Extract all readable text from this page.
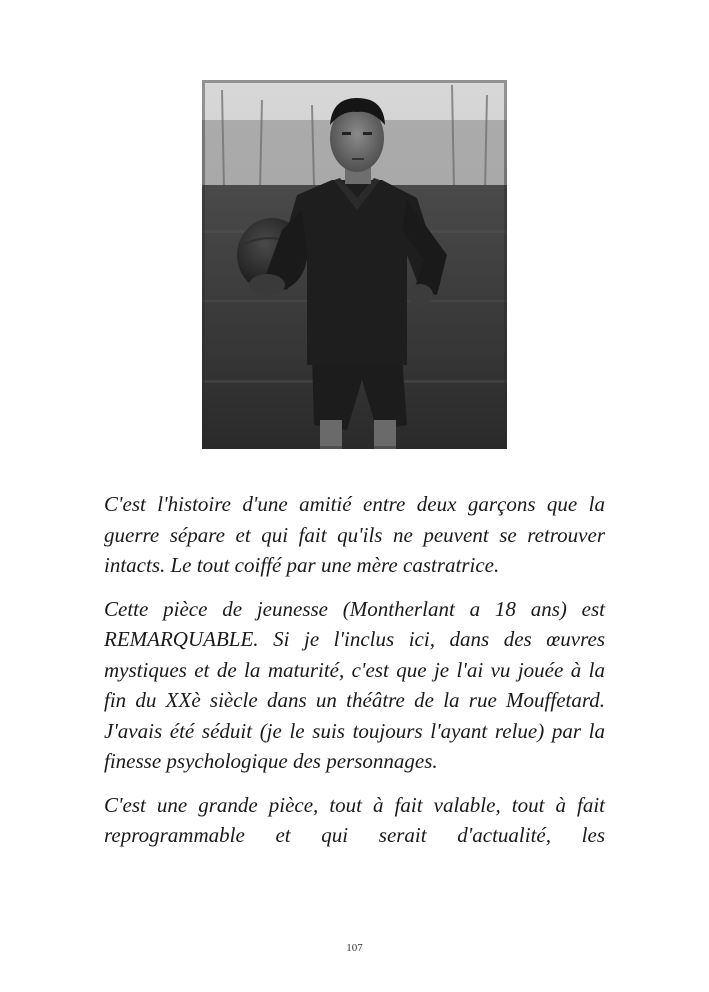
C'est l'histoire d'une amitié entre deux garçons que la guerre sépare et qui fait qu'ils ne peuvent se retrouver intacts. Le tout coiffé par une mère castratrice.

Cette pièce de jeunesse (Montherlant a 18 ans) est REMARQUABLE. Si je l'inclus ici, dans des œuvres mystiques et de la maturité, c'est que je l'ai vu jouée à la fin du XXè siècle dans un théâtre de la rue Mouffetard. J'avais été séduit (je le suis toujours l'ayant relue) par la finesse psychologique des personnages.

C'est une grande pièce, tout à fait valable, tout à fait reprogrammable et qui serait d'actualité, les

107
